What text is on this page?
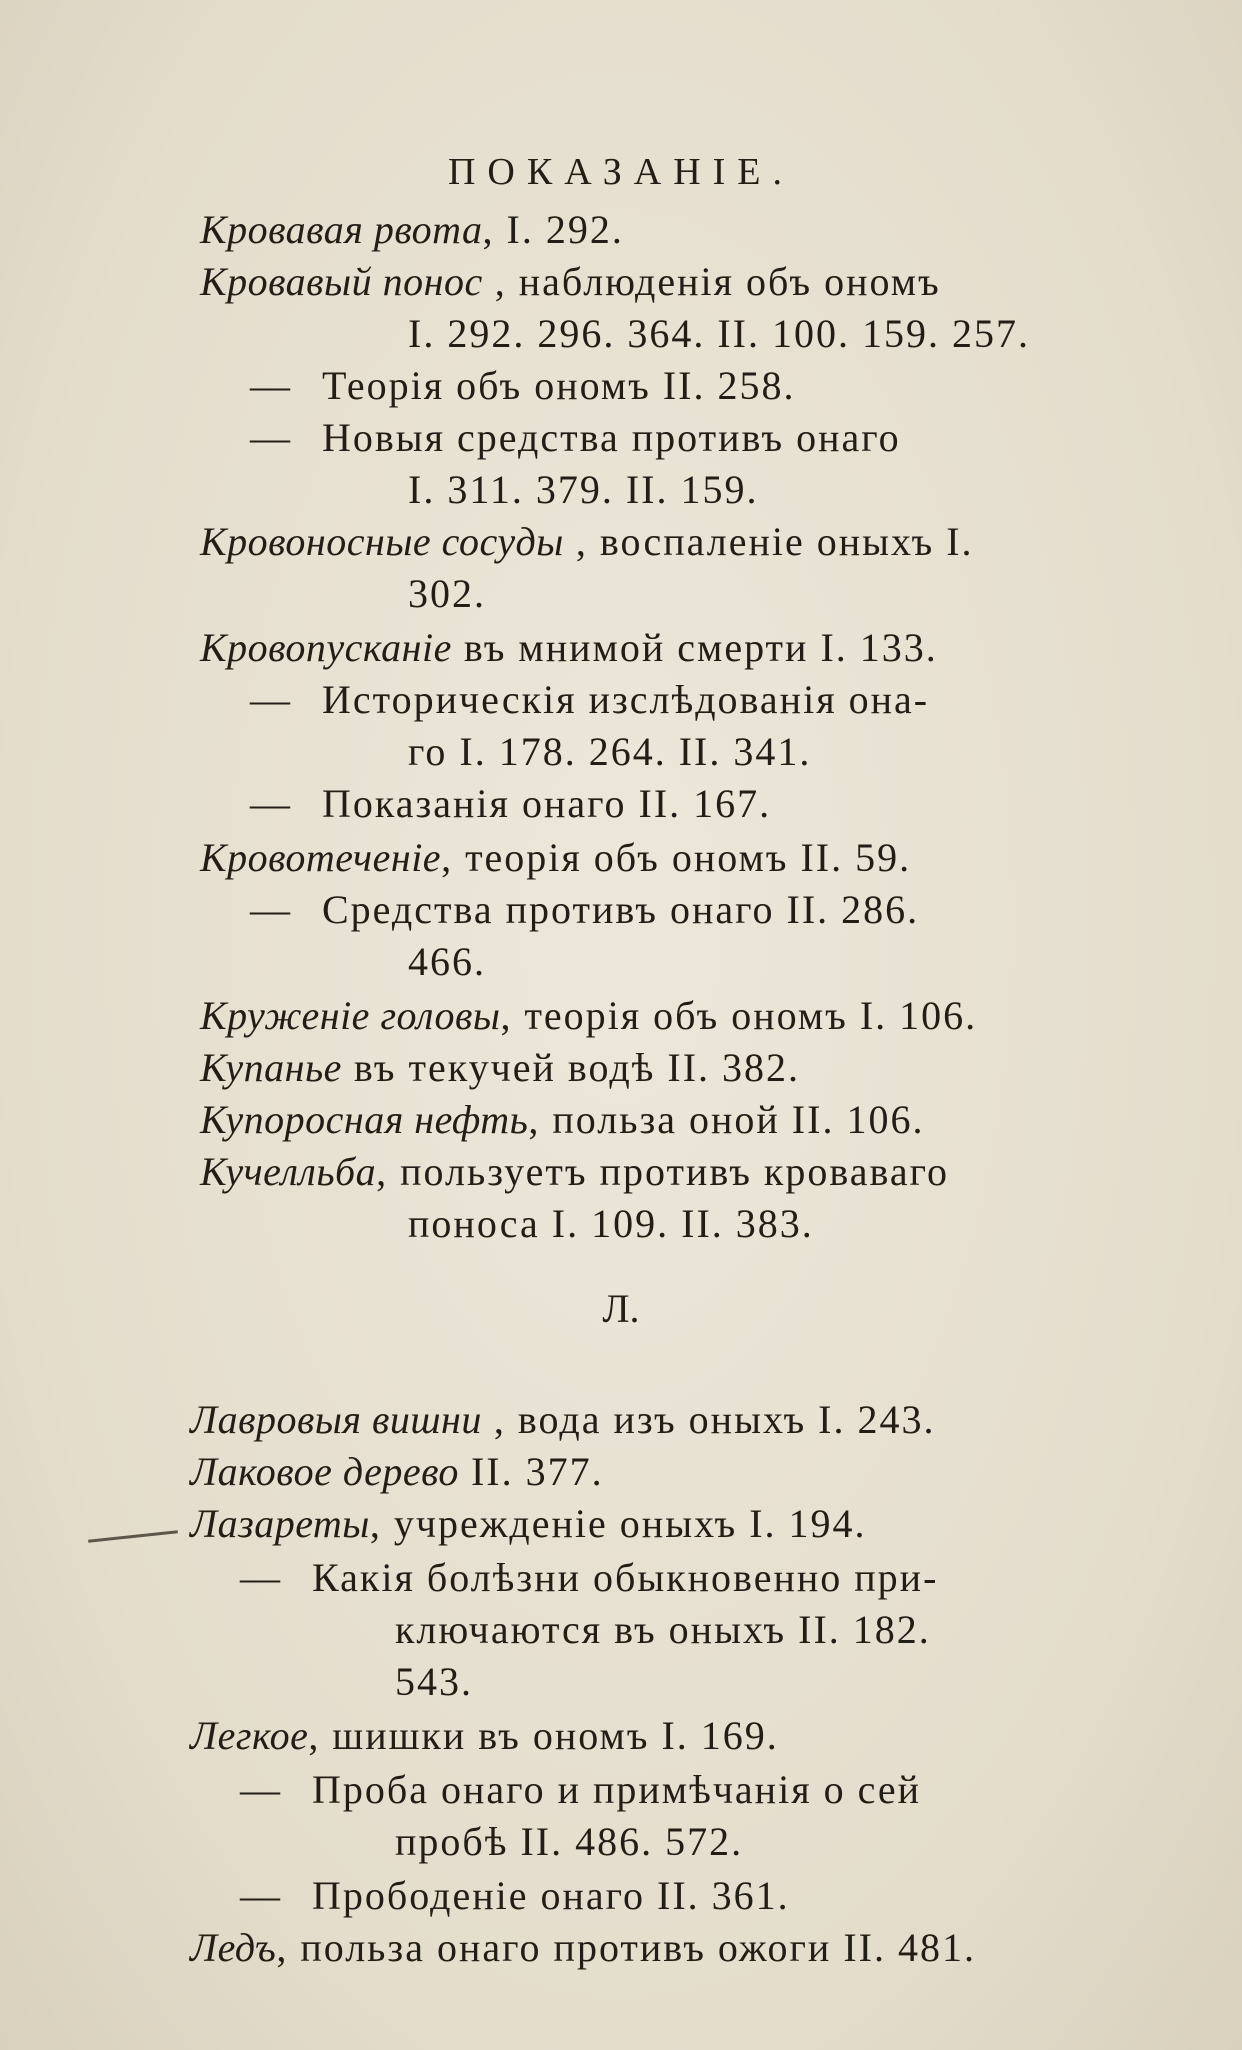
ПОКАЗАНІЕ.
Кровавая рвота, I. 292.
Кровавый понос , наблюденія объ ономъ
I. 292. 296. 364. II. 100. 159. 257.
— Теорія объ ономъ II. 258.
— Новыя средства противъ онаго
I. 311. 379. II. 159.
Кровоносные сосуды , воспаленіе оныхъ I.
302.
Кровопусканіе въ мнимой смерти I. 133.
— Историческія изслѣдованія она-
го I. 178. 264. II. 341.
— Показанія онаго II. 167.
Кровотеченіе, теорія объ ономъ II. 59.
— Средства противъ онаго II. 286.
466.
Круженіе головы, теорія объ ономъ I. 106.
Купанье въ текучей водѣ II. 382.
Купоросная нефть, польза оной II. 106.
Кучелльба, пользуетъ противъ кроваваго
поноса I. 109. II. 383.
Лавровыя вишни , вода изъ оныхъ I. 243.
Лаковое дерево II. 377.
Лазареты, учрежденіе оныхъ I. 194.
— Какія болѣзни обыкновенно при-
ключаются въ оныхъ II. 182.
543.
Легкое, шишки въ ономъ I. 169.
— Проба онаго и примѣчанія о сей
пробѣ II. 486. 572.
— Прободеніе онаго II. 361.
Ледъ, польза онаго противъ ожоги II. 481.
Л.
